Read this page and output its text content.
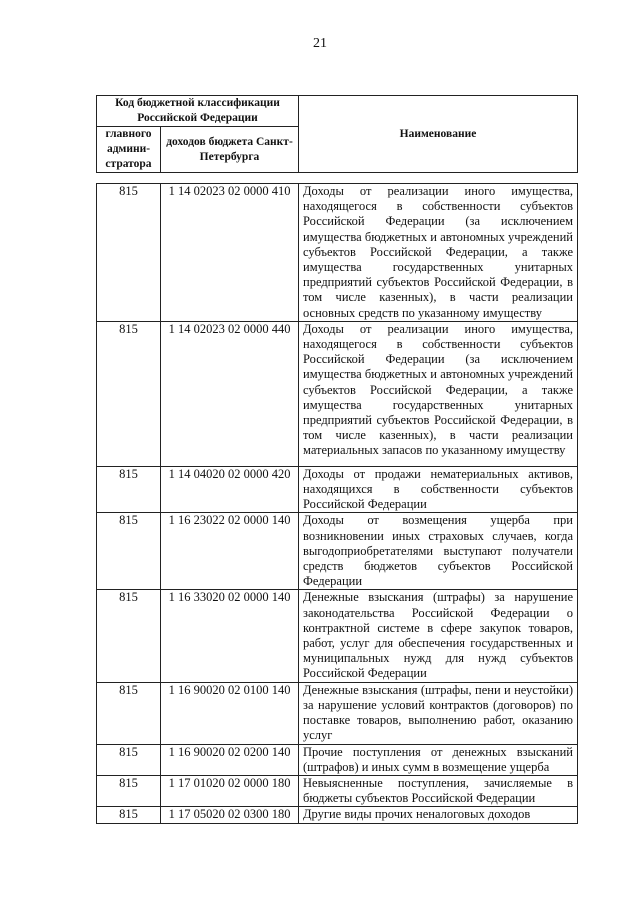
21
Код бюджетной классификации Российской Федерации		Наименование
главного админи-стратора	доходов бюджета Санкт-Петербурга	
815	1 14 02023 02 0000 410	Доходы от реализации иного имущества, находящегося в собственности субъектов Российской Федерации (за исключением имущества бюджетных и автономных учреждений субъектов Российской Федерации, а также имущества государственных унитарных предприятий субъектов Российской Федерации, в том числе казенных), в части реализации основных средств по указанному имуществу
815	1 14 02023 02 0000 440	Доходы от реализации иного имущества, находящегося в собственности субъектов Российской Федерации (за исключением имущества бюджетных и автономных учреждений субъектов Российской Федерации, а также имущества государственных унитарных предприятий субъектов Российской Федерации, в том числе казенных), в части реализации материальных запасов по указанному имуществу
815	1 14 04020 02 0000 420	Доходы от продажи нематериальных активов, находящихся в собственности субъектов Российской Федерации
815	1 16 23022 02 0000 140	Доходы от возмещения ущерба при возникновении иных страховых случаев, когда выгодоприобретателями выступают получатели средств бюджетов субъектов Российской Федерации
815	1 16 33020 02 0000 140	Денежные взыскания (штрафы) за нарушение законодательства Российской Федерации о контрактной системе в сфере закупок товаров, работ, услуг для обеспечения государственных и муниципальных нужд для нужд субъектов Российской Федерации
815	1 16 90020 02 0100 140	Денежные взыскания (штрафы, пени и неустойки) за нарушение условий контрактов (договоров) по поставке товаров, выполнению работ, оказанию услуг
815	1 16 90020 02 0200 140	Прочие поступления от денежных взысканий (штрафов) и иных сумм в возмещение ущерба
815	1 17 01020 02 0000 180	Невыясненные поступления, зачисляемые в бюджеты субъектов Российской Федерации
815	1 17 05020 02 0300 180	Другие виды прочих неналоговых доходов
